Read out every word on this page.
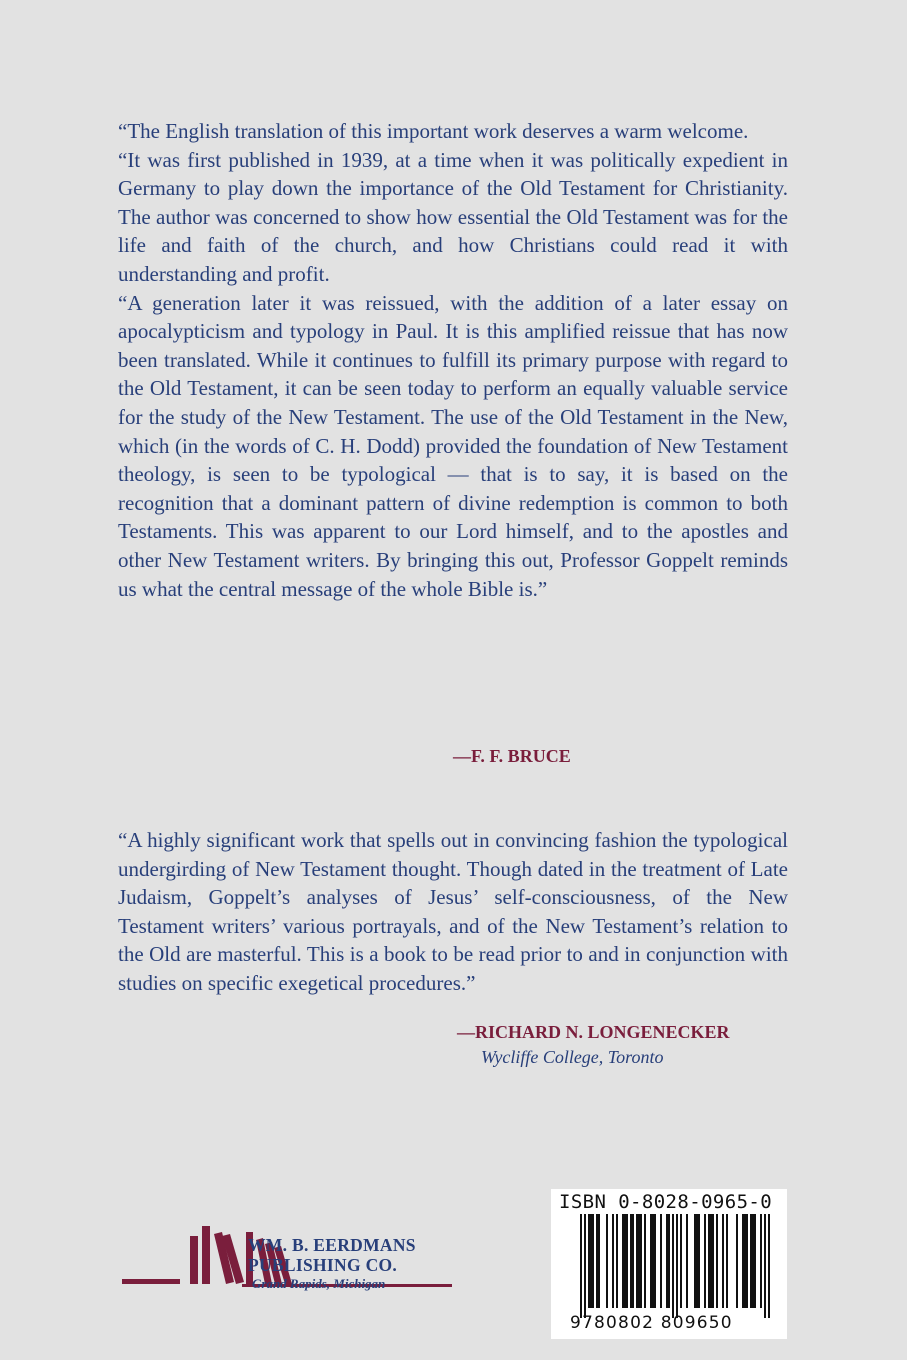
“The English translation of this important work deserves a warm welcome.

“It was first published in 1939, at a time when it was politically expedient in Germany to play down the importance of the Old Testament for Christianity. The author was concerned to show how essential the Old Testament was for the life and faith of the church, and how Christians could read it with understanding and profit.

“A generation later it was reissued, with the addition of a later essay on apocalypticism and typology in Paul. It is this amplified reissue that has now been translated. While it continues to fulfill its primary purpose with regard to the Old Testament, it can be seen today to perform an equally valuable service for the study of the New Testament. The use of the Old Testament in the New, which (in the words of C. H. Dodd) provided the foundation of New Testament theology, is seen to be typological — that is to say, it is based on the recognition that a dominant pattern of divine redemption is common to both Testaments. This was apparent to our Lord himself, and to the apostles and other New Testament writers. By bringing this out, Professor Goppelt reminds us what the central message of the whole Bible is.”

—F. F. BRUCE

“A highly significant work that spells out in convincing fashion the typological undergirding of New Testament thought. Though dated in the treatment of Late Judaism, Goppelt’s analyses of Jesus’ self-consciousness, of the New Testament writers’ various portrayals, and of the New Testament’s relation to the Old are masterful. This is a book to be read prior to and in conjunction with studies on specific exegetical procedures.”

—RICHARD N. LONGENECKER
Wycliffe College, Toronto
WM. B. EERDMANS
PUBLISHING CO.
Grand Rapids, Michigan
ISBN 0-8028-0965-0
9 780802 809650
